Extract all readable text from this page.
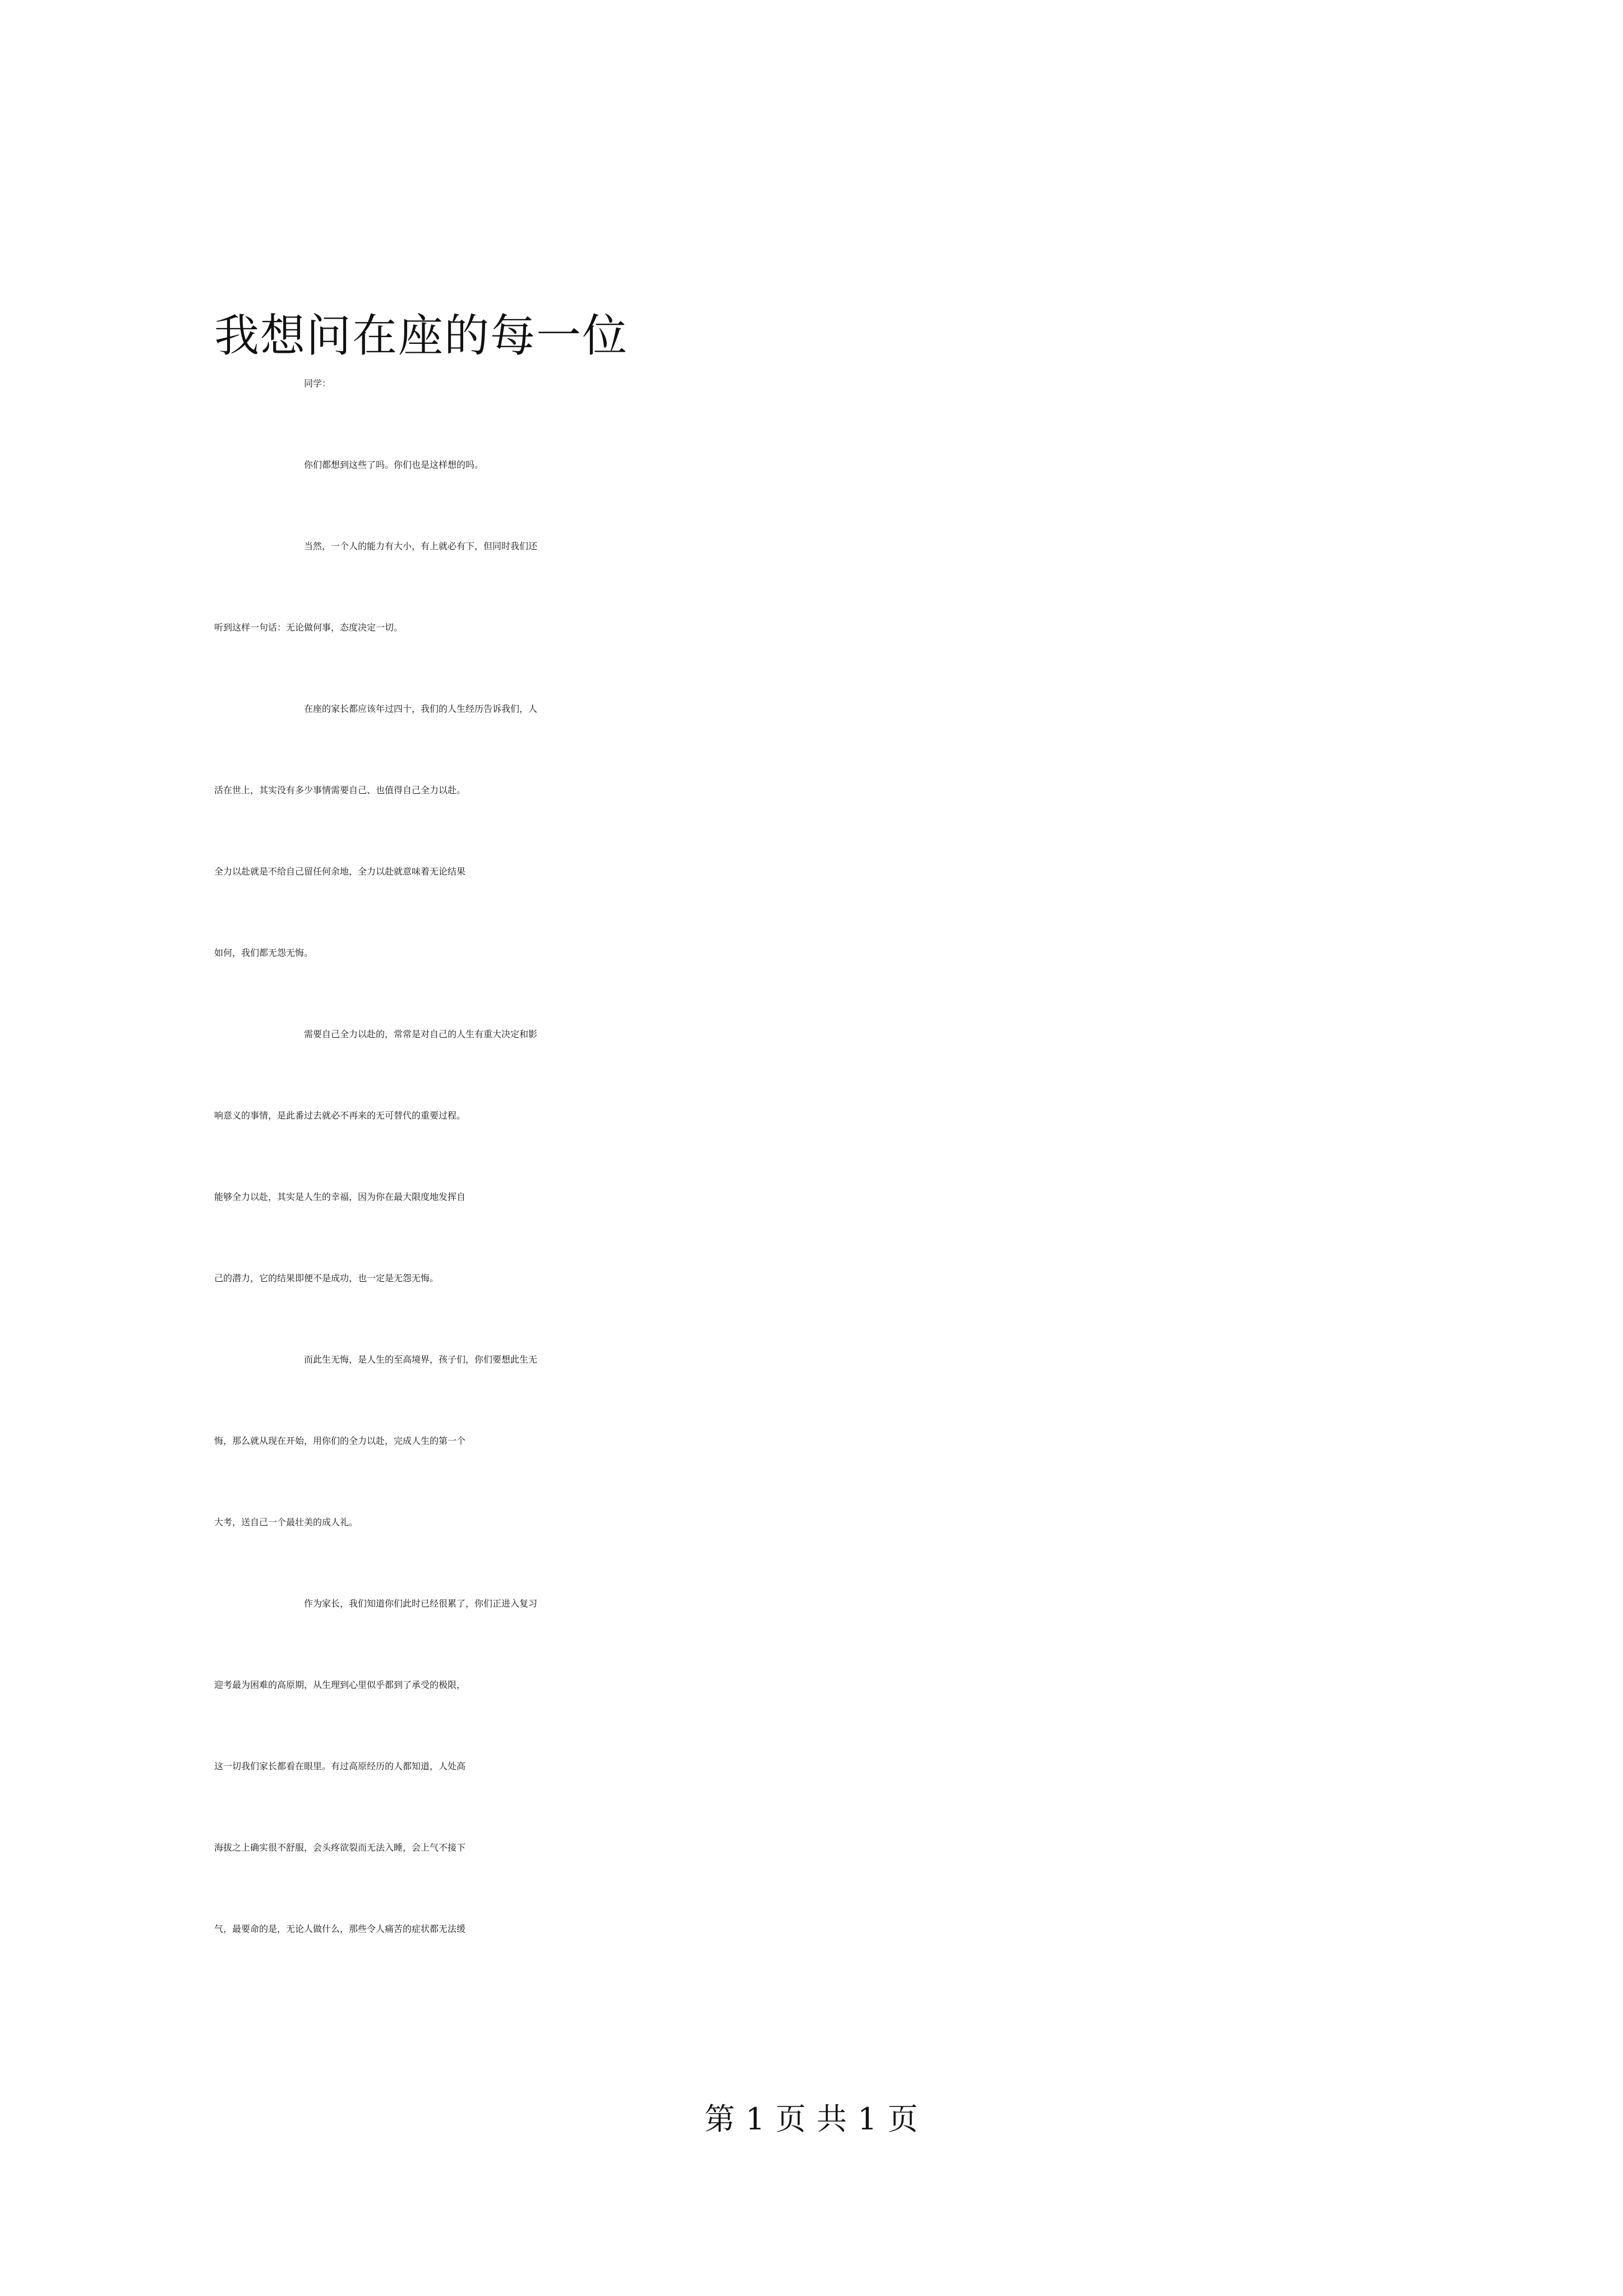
我想问在座的每一位
同学：
你们都想到这些了吗。你们也是这样想的吗。
当然，一个人的能力有大小，有上就必有下，但同时我们还
听到这样一句话：无论做何事，态度决定一切。
在座的家长都应该年过四十，我们的人生经历告诉我们，人
活在世上，其实没有多少事情需要自己、也值得自己全力以赴。
全力以赴就是不给自己留任何余地，全力以赴就意味着无论结果
如何，我们都无怨无悔。
需要自己全力以赴的，常常是对自己的人生有重大决定和影
响意义的事情，是此番过去就必不再来的无可替代的重要过程。
能够全力以赴，其实是人生的幸福，因为你在最大限度地发挥自
己的潜力，它的结果即便不是成功，也一定是无怨无悔。
而此生无悔，是人生的至高境界，孩子们，你们要想此生无
悔，那么就从现在开始，用你们的全力以赴，完成人生的第一个
大考，送自己一个最壮美的成人礼。
作为家长，我们知道你们此时已经很累了，你们正进入复习
迎考最为困难的高原期，从生理到心里似乎都到了承受的极限，
这一切我们家长都看在眼里。有过高原经历的人都知道，人处高
海拔之上确实很不舒服，会头疼欲裂而无法入睡，会上气不接下
气，最要命的是，无论人做什么，那些令人痛苦的症状都无法缓
第 1 页 共 1 页
